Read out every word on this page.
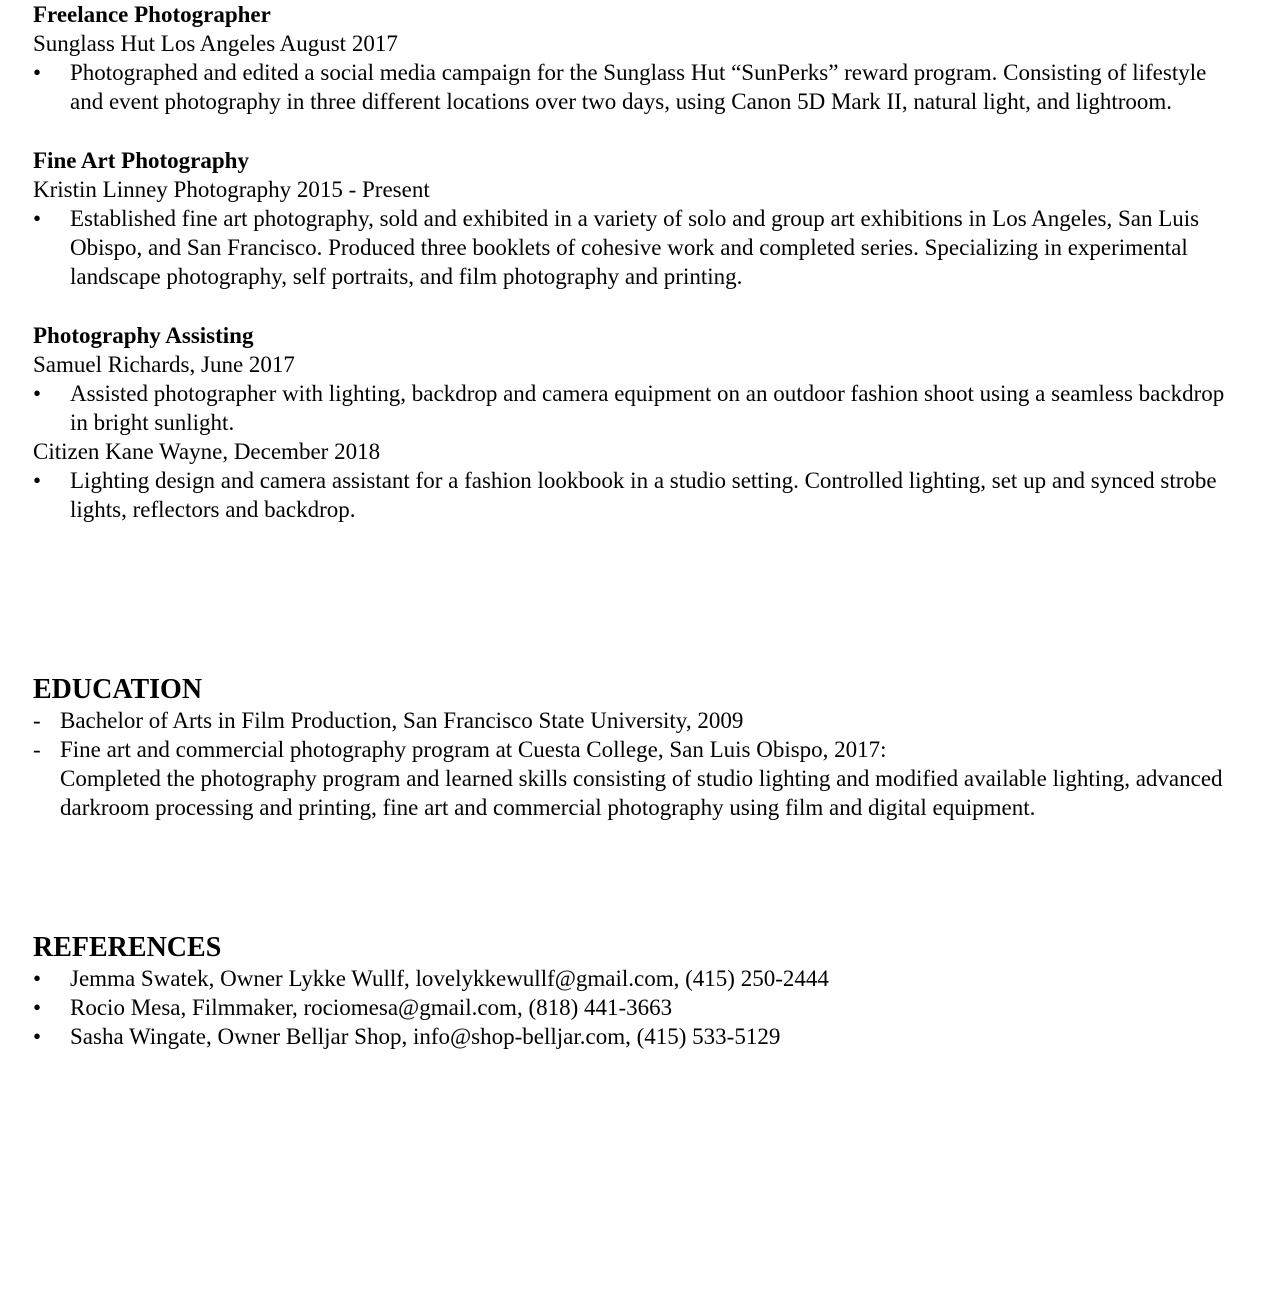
Freelance Photographer

Sunglass Hut Los Angeles August 2017

•	Photographed and edited a social media campaign for the Sunglass Hut “SunPerks” reward program. Consisting of lifestyle and event photography in three different locations over two days, using Canon 5D Mark II, natural light, and lightroom.

Fine Art Photography

Kristin Linney Photography 2015 - Present

•	Established fine art photography, sold and exhibited in a variety of solo and group art exhibitions in Los Angeles, San Luis Obispo, and San Francisco. Produced three booklets of cohesive work and completed series. Specializing in experimental landscape photography, self portraits, and film photography and printing.

Photography Assisting

Samuel Richards, June 2017

•	Assisted photographer with lighting, backdrop and camera equipment on an outdoor fashion shoot using a seamless backdrop in bright sunlight.

Citizen Kane Wayne, December 2018

•	Lighting design and camera assistant for a fashion lookbook in a studio setting. Controlled lighting, set up and synced strobe lights, reflectors and backdrop.

EDUCATION

- Bachelor of Arts in Film Production, San Francisco State University, 2009

- Fine art and commercial photography program at Cuesta College, San Luis Obispo, 2017:
Completed the photography program and learned skills consisting of studio lighting and modified available lighting, advanced darkroom processing and printing, fine art and commercial photography using film and digital equipment.

REFERENCES

•	Jemma Swatek, Owner Lykke Wullf, lovelykkewullf@gmail.com, (415) 250-2444

•	Rocio Mesa, Filmmaker, rociomesa@gmail.com, (818) 441-3663

•	Sasha Wingate, Owner Belljar Shop, info@shop-belljar.com, (415) 533-5129
